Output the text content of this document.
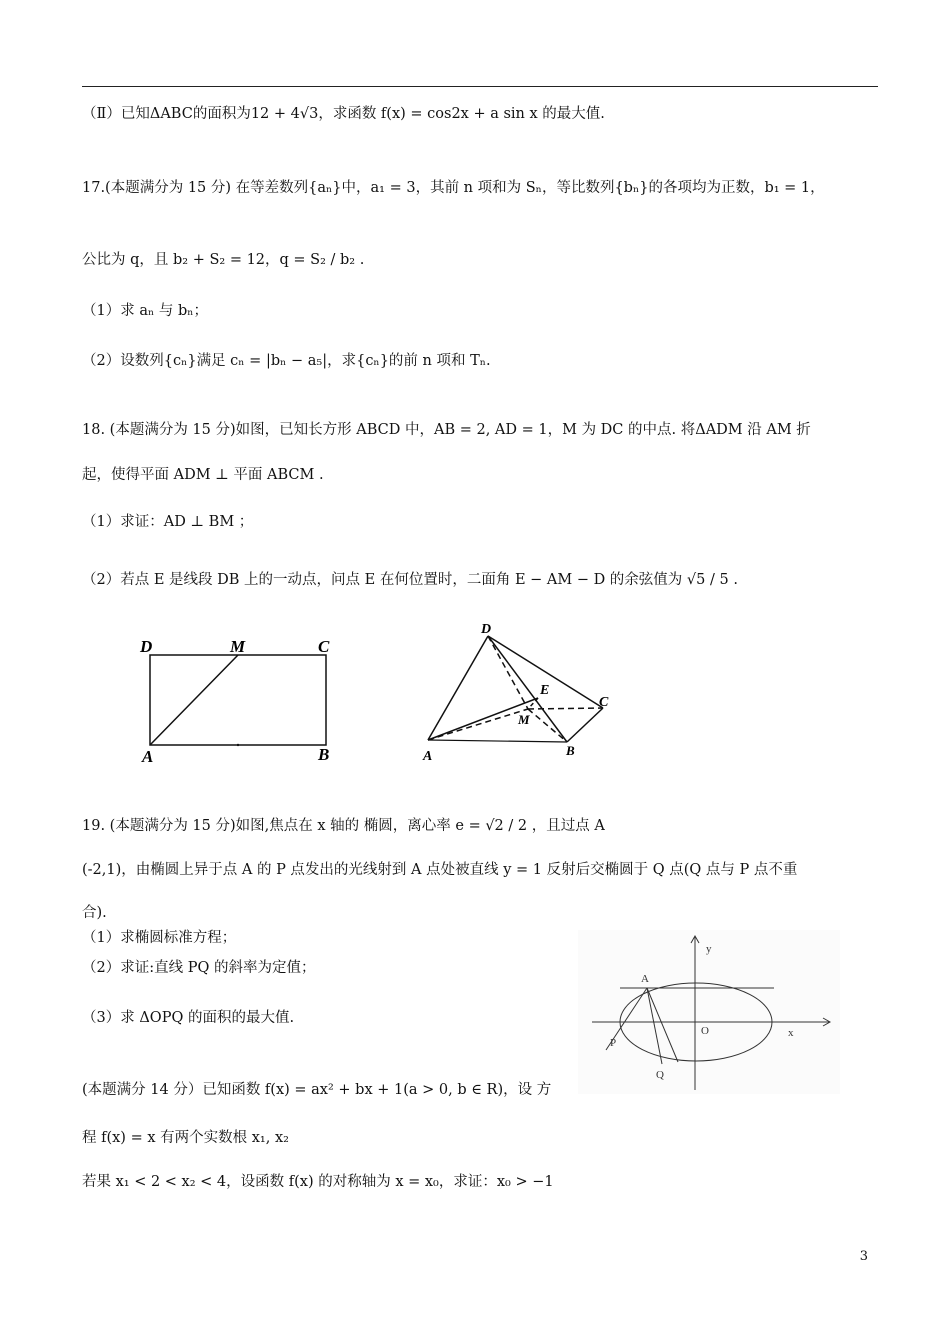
（Ⅱ）已知ΔABC的面积为12 + 4√3，求函数 f(x) = cos2x + a sin x 的最大值.
17.(本题满分为 15 分) 在等差数列{aₙ}中，a₁ = 3，其前 n 项和为 Sₙ，等比数列{bₙ}的各项均为正数，b₁ = 1，
公比为 q，且 b₂ + S₂ = 12，q = S₂ / b₂ .
（1）求 aₙ 与 bₙ；
（2）设数列{cₙ}满足 cₙ = |bₙ − a₅|，求{cₙ}的前 n 项和 Tₙ.
18. (本题满分为 15 分)如图，已知长方形 ABCD 中，AB = 2, AD = 1，M 为 DC 的中点. 将ΔADM 沿 AM 折
起，使得平面 ADM ⊥ 平面 ABCM .
（1）求证：AD ⊥ BM ；
（2）若点 E 是线段 DB 上的一动点，问点 E 在何位置时，二面角 E − AM − D 的余弦值为 √5 / 5 .
19. (本题满分为 15 分)如图,焦点在 x 轴的 椭圆，离心率 e = √2 / 2 ，且过点 A
(-2,1)，由椭圆上异于点 A 的 P 点发出的光线射到 A 点处被直线 y = 1 反射后交椭圆于 Q 点(Q 点与 P 点不重
合).
（1）求椭圆标准方程；
（2）求证:直线 PQ 的斜率为定值；
（3）求 ΔOPQ 的面积的最大值.
(本题满分 14 分）已知函数 f(x) = ax² + bx + 1(a > 0, b ∈ R)，设 方
程 f(x) = x 有两个实数根 x₁, x₂
若果 x₁ < 2 < x₂ < 4，设函数 f(x) 的对称轴为 x = x₀，求证：x₀ > −1
D	M	C
A	B
D
E
C
M
A	B
y
x
O
A
P
Q
3
